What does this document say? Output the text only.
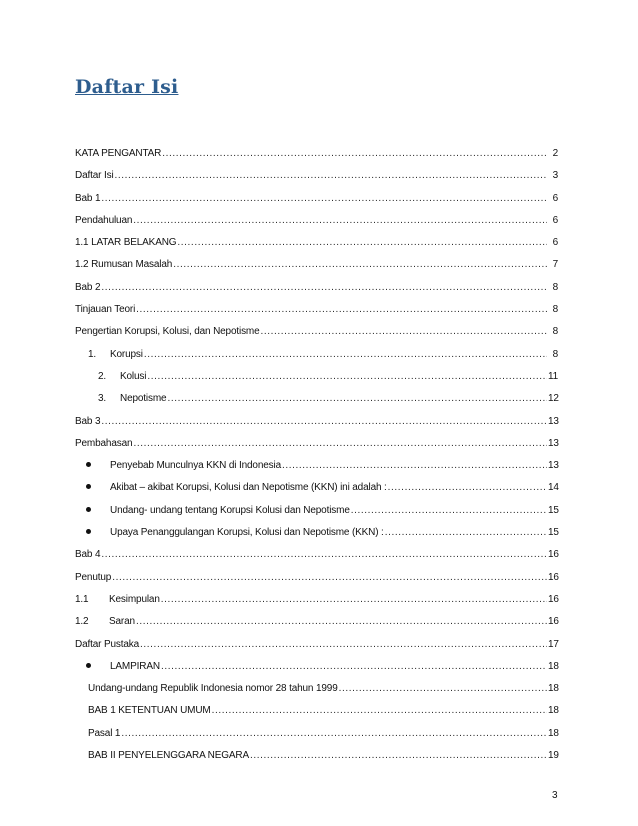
Daftar Isi
KATA PENGANTAR .....	2
Daftar Isi .....	3
Bab 1 .....	6
Pendahuluan .....	6
1.1 LATAR BELAKANG .....	6
1.2 Rumusan Masalah .....	7
Bab 2 .....	8
Tinjauan Teori .....	8
Pengertian Korupsi, Kolusi, dan Nepotisme .....	8
1.	Korupsi .....	8
2.	Kolusi .....	11
3.	Nepotisme .....	12
Bab 3 .....	13
Pembahasan .....	13
Penyebab Munculnya KKN di Indonesia .....	13
Akibat – akibat Korupsi, Kolusi dan Nepotisme (KKN) ini adalah : .....	14
Undang- undang tentang Korupsi Kolusi dan Nepotisme .....	15
Upaya Penanggulangan Korupsi, Kolusi dan Nepotisme (KKN) : .....	15
Bab 4 .....	16
Penutup .....	16
1.1	Kesimpulan .....	16
1.2	Saran .....	16
Daftar Pustaka .....	17
LAMPIRAN .....	18
Undang-undang Republik Indonesia nomor 28 tahun 1999 .....	18
BAB 1 KETENTUAN UMUM .....	18
Pasal 1 .....	18
BAB II PENYELENGGARA NEGARA .....	19
3
